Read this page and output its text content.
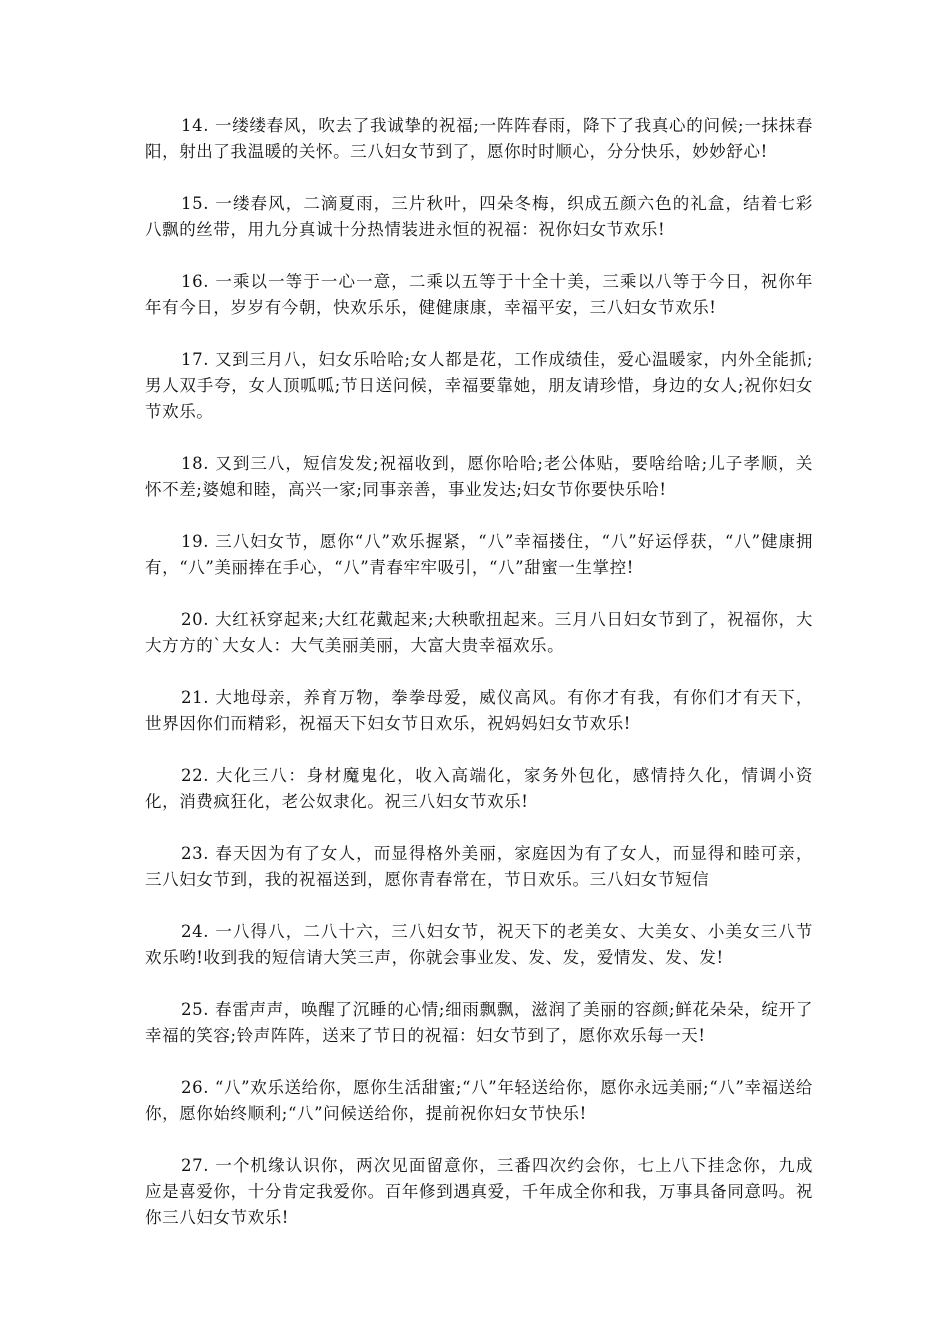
14. 一缕缕春风，吹去了我诚挚的祝福;一阵阵春雨，降下了我真心的问候;一抹抹春阳，射出了我温暖的关怀。三八妇女节到了，愿你时时顺心，分分快乐，妙妙舒心!

15. 一缕春风，二滴夏雨，三片秋叶，四朵冬梅，织成五颜六色的礼盒，结着七彩八飘的丝带，用九分真诚十分热情装进永恒的祝福：祝你妇女节欢乐!

16. 一乘以一等于一心一意，二乘以五等于十全十美，三乘以八等于今日，祝你年年有今日，岁岁有今朝，快欢乐乐，健健康康，幸福平安，三八妇女节欢乐!

17. 又到三月八，妇女乐哈哈;女人都是花，工作成绩佳，爱心温暖家，内外全能抓;男人双手夸，女人顶呱呱;节日送问候，幸福要靠她，朋友请珍惜，身边的女人;祝你妇女节欢乐。

18. 又到三八，短信发发;祝福收到，愿你哈哈;老公体贴，要啥给啥;儿子孝顺，关怀不差;婆媳和睦，高兴一家;同事亲善，事业发达;妇女节你要快乐哈!

19. 三八妇女节，愿你“八”欢乐握紧，“八”幸福搂住，“八”好运俘获，“八”健康拥有，“八”美丽捧在手心，“八”青春牢牢吸引，“八”甜蜜一生掌控!

20. 大红袄穿起来;大红花戴起来;大秧歌扭起来。三月八日妇女节到了，祝福你，大大方方的`大女人：大气美丽美丽，大富大贵幸福欢乐。

21. 大地母亲，养育万物，拳拳母爱，威仪高风。有你才有我，有你们才有天下，世界因你们而精彩，祝福天下妇女节日欢乐，祝妈妈妇女节欢乐!

22. 大化三八：身材魔鬼化，收入高端化，家务外包化，感情持久化，情调小资化，消费疯狂化，老公奴隶化。祝三八妇女节欢乐!

23. 春天因为有了女人，而显得格外美丽，家庭因为有了女人，而显得和睦可亲，三八妇女节到，我的祝福送到，愿你青春常在，节日欢乐。三八妇女节短信

24. 一八得八，二八十六，三八妇女节，祝天下的老美女、大美女、小美女三八节欢乐哟!收到我的短信请大笑三声，你就会事业发、发、发，爱情发、发、发!

25. 春雷声声，唤醒了沉睡的心情;细雨飘飘，滋润了美丽的容颜;鲜花朵朵，绽开了幸福的笑容;铃声阵阵，送来了节日的祝福：妇女节到了，愿你欢乐每一天!

26. “八”欢乐送给你，愿你生活甜蜜;“八”年轻送给你，愿你永远美丽;“八”幸福送给你，愿你始终顺利;“八”问候送给你，提前祝你妇女节快乐!

27. 一个机缘认识你，两次见面留意你，三番四次约会你，七上八下挂念你，九成应是喜爱你，十分肯定我爱你。百年修到遇真爱，千年成全你和我，万事具备同意吗。祝你三八妇女节欢乐!
